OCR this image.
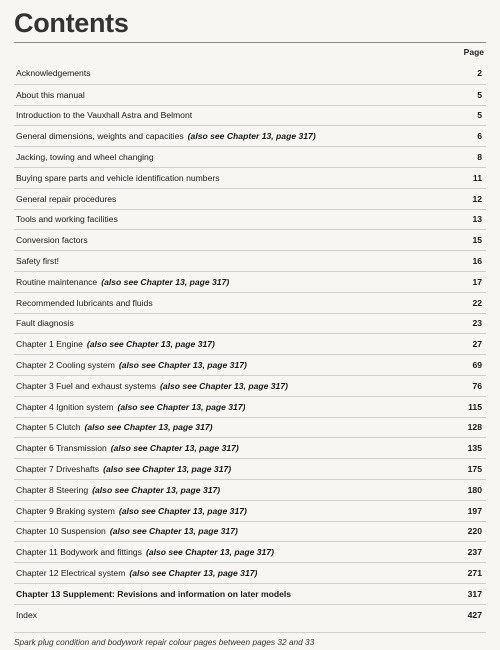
Contents
Page
Acknowledgements	2
About this manual	5
Introduction to the Vauxhall Astra and Belmont	5
General dimensions, weights and capacities (also see Chapter 13, page 317)	6
Jacking, towing and wheel changing	8
Buying spare parts and vehicle identification numbers	11
General repair procedures	12
Tools and working facilities	13
Conversion factors	15
Safety first!	16
Routine maintenance (also see Chapter 13, page 317)	17
Recommended lubricants and fluids	22
Fault diagnosis	23
Chapter 1 Engine (also see Chapter 13, page 317)	27
Chapter 2 Cooling system (also see Chapter 13, page 317)	69
Chapter 3 Fuel and exhaust systems (also see Chapter 13, page 317)	76
Chapter 4 Ignition system (also see Chapter 13, page 317)	115
Chapter 5 Clutch (also see Chapter 13, page 317)	128
Chapter 6 Transmission (also see Chapter 13, page 317)	135
Chapter 7 Driveshafts (also see Chapter 13, page 317)	175
Chapter 8 Steering (also see Chapter 13, page 317)	180
Chapter 9 Braking system (also see Chapter 13, page 317)	197
Chapter 10 Suspension (also see Chapter 13, page 317)	220
Chapter 11 Bodywork and fittings (also see Chapter 13, page 317)	237
Chapter 12 Electrical system (also see Chapter 13, page 317)	271
Chapter 13 Supplement: Revisions and information on later models	317
Index	427
Spark plug condition and bodywork repair colour pages between pages 32 and 33
